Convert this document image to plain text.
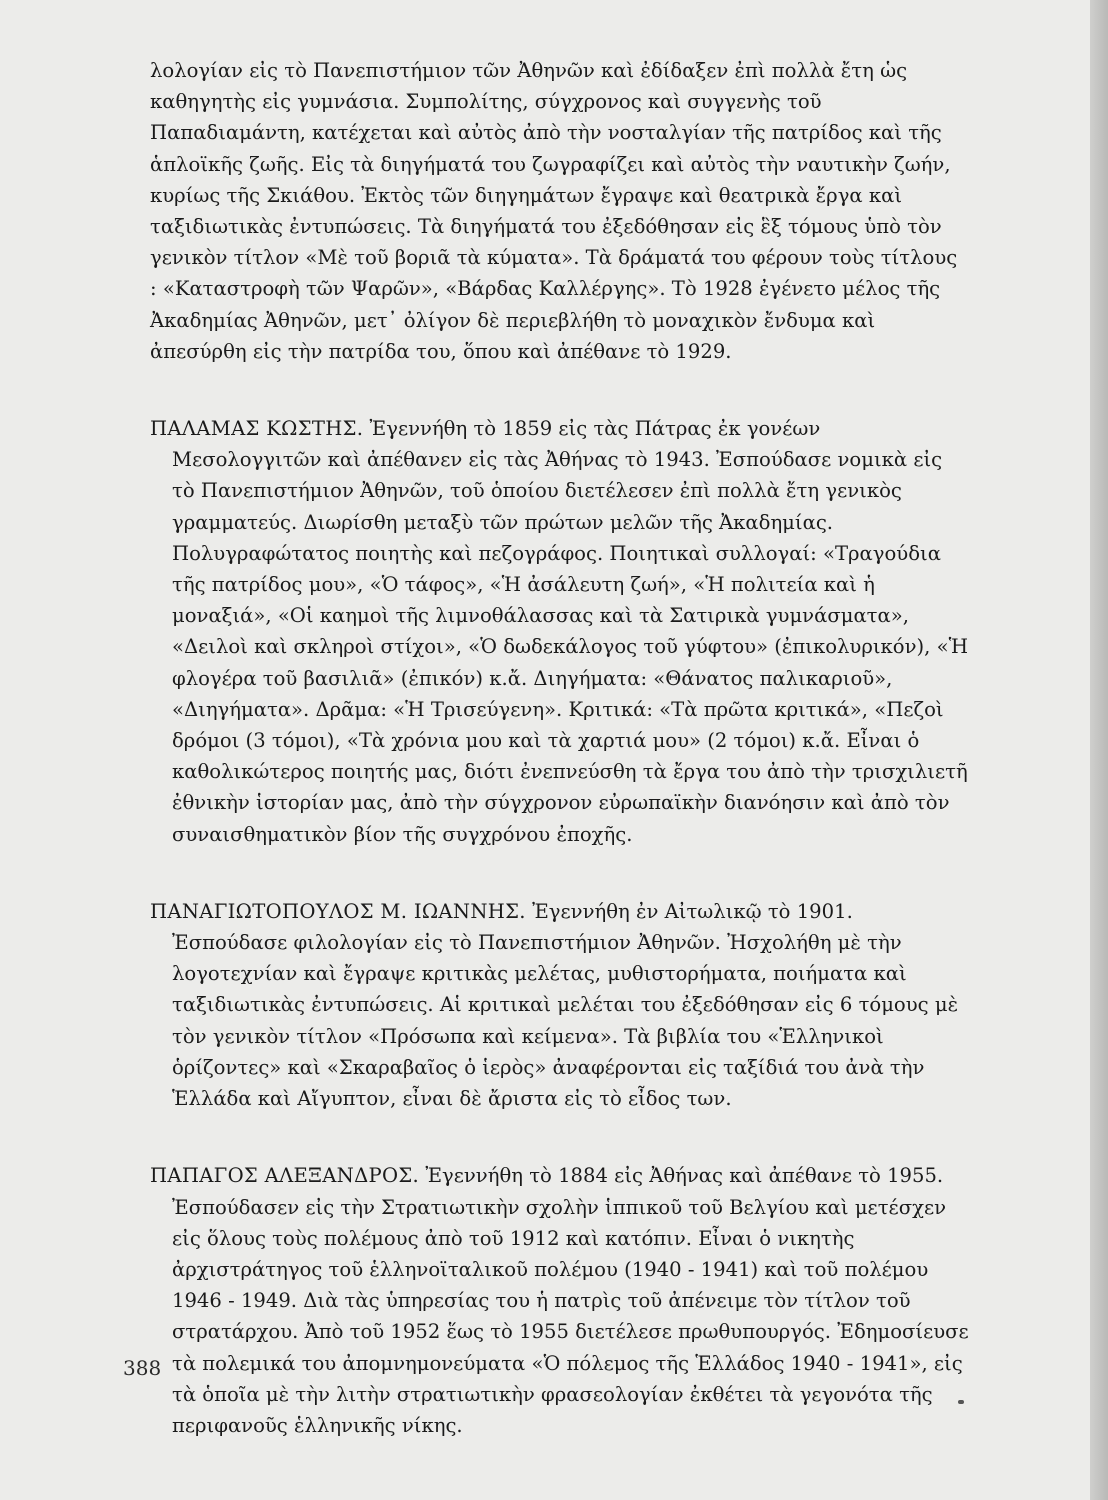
λολογίαν εἰς τὸ Πανεπιστήμιον τῶν Ἀθηνῶν καὶ ἐδίδαξεν ἐπὶ πολλὰ ἔτη ὡς καθηγητὴς εἰς γυμνάσια. Συμπολίτης, σύγχρονος καὶ συγγενὴς τοῦ Παπαδιαμάντη, κατέχεται καὶ αὐτὸς ἀπὸ τὴν νοσταλγίαν τῆς πατρίδος καὶ τῆς ἁπλοϊκῆς ζωῆς. Εἰς τὰ διηγήματά του ζωγραφίζει καὶ αὐτὸς τὴν ναυτικὴν ζωήν, κυρίως τῆς Σκιάθου. Ἐκτὸς τῶν διηγημάτων ἔγραψε καὶ θεατρικὰ ἔργα καὶ ταξιδιωτικὰς ἐντυπώσεις. Τὰ διηγήματά του ἐξεδόθησαν εἰς ἓξ τόμους ὑπὸ τὸν γενικὸν τίτλον «Μὲ τοῦ βοριᾶ τὰ κύματα». Τὰ δράματά του φέρουν τοὺς τίτλους : «Καταστροφὴ τῶν Ψαρῶν», «Βάρδας Καλλέργης». Τὸ 1928 ἐγένετο μέλος τῆς Ἀκαδημίας Ἀθηνῶν, μετ᾽ ὀλίγον δὲ περιεβλήθη τὸ μοναχικὸν ἔνδυμα καὶ ἀπεσύρθη εἰς τὴν πατρίδα του, ὅπου καὶ ἀπέθανε τὸ 1929.

ΠΑΛΑΜΑΣ ΚΩΣΤΗΣ. Ἐγεννήθη τὸ 1859 εἰς τὰς Πάτρας ἐκ γονέων Μεσολογγιτῶν καὶ ἀπέθανεν εἰς τὰς Ἀθήνας τὸ 1943. Ἐσπούδασε νομικὰ εἰς τὸ Πανεπιστήμιον Ἀθηνῶν, τοῦ ὁποίου διετέλεσεν ἐπὶ πολλὰ ἔτη γενικὸς γραμματεύς. Διωρίσθη μεταξὺ τῶν πρώτων μελῶν τῆς Ἀκαδημίας. Πολυγραφώτατος ποιητὴς καὶ πεζογράφος. Ποιητικαὶ συλλογαί: «Τραγούδια τῆς πατρίδος μου», «Ὁ τάφος», «Ἡ ἀσάλευτη ζωή», «Ἡ πολιτεία καὶ ἡ μοναξιά», «Οἱ καημοὶ τῆς λιμνοθάλασσας καὶ τὰ Σατιρικὰ γυμνάσματα», «Δειλοὶ καὶ σκληροὶ στίχοι», «Ὁ δωδεκάλογος τοῦ γύφτου» (ἐπικολυρικόν), «Ἡ φλογέρα τοῦ βασιλιᾶ» (ἐπικόν) κ.ἄ. Διηγήματα: «Θάνατος παλικαριοῦ», «Διηγήματα». Δρᾶμα: «Ἡ Τρισεύγενη». Κριτικά: «Τὰ πρῶτα κριτικά», «Πεζοὶ δρόμοι (3 τόμοι), «Τὰ χρόνια μου καὶ τὰ χαρτιά μου» (2 τόμοι) κ.ἄ. Εἶναι ὁ καθολικώτερος ποιητής μας, διότι ἐνεπνεύσθη τὰ ἔργα του ἀπὸ τὴν τρισχιλιετῆ ἐθνικὴν ἱστορίαν μας, ἀπὸ τὴν σύγχρονον εὐρωπαϊκὴν διανόησιν καὶ ἀπὸ τὸν συναισθηματικὸν βίον τῆς συγχρόνου ἐποχῆς.

ΠΑΝΑΓΙΩΤΟΠΟΥΛΟΣ Μ. ΙΩΑΝΝΗΣ. Ἐγεννήθη ἐν Αἰτωλικῷ τὸ 1901. Ἐσπούδασε φιλολογίαν εἰς τὸ Πανεπιστήμιον Ἀθηνῶν. Ἠσχολήθη μὲ τὴν λογοτεχνίαν καὶ ἔγραψε κριτικὰς μελέτας, μυθιστορήματα, ποιήματα καὶ ταξιδιωτικὰς ἐντυπώσεις. Αἱ κριτικαὶ μελέται του ἐξεδόθησαν εἰς 6 τόμους μὲ τὸν γενικὸν τίτλον «Πρόσωπα καὶ κείμενα». Τὰ βιβλία του «Ἑλληνικοὶ ὁρίζοντες» καὶ «Σκαραβαῖος ὁ ἱερὸς» ἀναφέρονται εἰς ταξίδιά του ἀνὰ τὴν Ἑλλάδα καὶ Αἴγυπτον, εἶναι δὲ ἄριστα εἰς τὸ εἶδος των.

ΠΑΠΑΓΟΣ ΑΛΕΞΑΝΔΡΟΣ. Ἐγεννήθη τὸ 1884 εἰς Ἀθήνας καὶ ἀπέθανε τὸ 1955. Ἐσπούδασεν εἰς τὴν Στρατιωτικὴν σχολὴν ἱππικοῦ τοῦ Βελγίου καὶ μετέσχεν εἰς ὅλους τοὺς πολέμους ἀπὸ τοῦ 1912 καὶ κατόπιν. Εἶναι ὁ νικητὴς ἀρχιστράτηγος τοῦ ἑλληνοϊταλικοῦ πολέμου (1940 - 1941) καὶ τοῦ πολέμου 1946 - 1949. Διὰ τὰς ὑπηρεσίας του ἡ πατρὶς τοῦ ἀπένειμε τὸν τίτλον τοῦ στρατάρχου. Ἀπὸ τοῦ 1952 ἕως τὸ 1955 διετέλεσε πρωθυπουργός. Ἐδημοσίευσε τὰ πολεμικά του ἀπομνημονεύματα «Ὁ πόλεμος τῆς Ἑλλάδος 1940 - 1941», εἰς τὰ ὁποῖα μὲ τὴν λιτὴν στρατιωτικὴν φρασεολογίαν ἐκθέτει τὰ γεγονότα τῆς περιφανοῦς ἑλληνικῆς νίκης.

388
